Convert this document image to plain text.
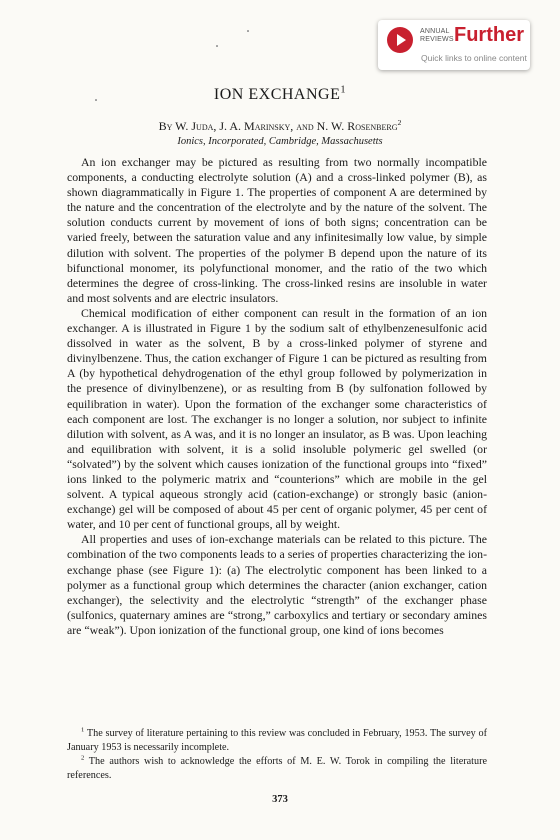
ANNUAL
REVIEWS Further
Quick links to online content
ION EXCHANGE$^1$
By W. Juda, J. A. Marinsky, and N. W. Rosenberg$^2$
Ionics, Incorporated, Cambridge, Massachusetts

An ion exchanger may be pictured as resulting from two normally incompatible components, a conducting electrolyte solution (A) and a cross-linked polymer (B), as shown diagrammatically in Figure 1. The properties of component A are determined by the nature and the concentration of the electrolyte and by the nature of the solvent. The solution conducts current by movement of ions of both signs; concentration can be varied freely, between the saturation value and any infinitesimally low value, by simple dilution with solvent. The properties of the polymer B depend upon the nature of its bifunctional monomer, its polyfunctional monomer, and the ratio of the two which determines the degree of cross-linking. The cross-linked resins are insoluble in water and most solvents and are electric insulators.

Chemical modification of either component can result in the formation of an ion exchanger. A is illustrated in Figure 1 by the sodium salt of ethylbenzenesulfonic acid dissolved in water as the solvent, B by a cross-linked polymer of styrene and divinylbenzene. Thus, the cation exchanger of Figure 1 can be pictured as resulting from A (by hypothetical dehydrogenation of the ethyl group followed by polymerization in the presence of divinylbenzene), or as resulting from B (by sulfonation followed by equilibration in water). Upon the formation of the exchanger some characteristics of each component are lost. The exchanger is no longer a solution, nor subject to infinite dilution with solvent, as A was, and it is no longer an insulator, as B was. Upon leaching and equilibration with solvent, it is a solid insoluble polymeric gel swelled (or “solvated”) by the solvent which causes ionization of the functional groups into “fixed” ions linked to the polymeric matrix and “counterions” which are mobile in the gel solvent. A typical aqueous strongly acid (cation-exchange) or strongly basic (anion-exchange) gel will be composed of about 45 per cent of organic polymer, 45 per cent of water, and 10 per cent of functional groups, all by weight.

All properties and uses of ion-exchange materials can be related to this picture. The combination of the two components leads to a series of properties characterizing the ion-exchange phase (see Figure 1): (a) The electrolytic component has been linked to a polymer as a functional group which determines the character (anion exchanger, cation exchanger), the selectivity and the electrolytic “strength” of the exchanger phase (sulfonics, quaternary amines are “strong,” carboxylics and tertiary or secondary amines are “weak”). Upon ionization of the functional group, one kind of ions becomes

$^1$ The survey of literature pertaining to this review was concluded in February, 1953. The survey of January 1953 is necessarily incomplete.

$^2$ The authors wish to acknowledge the efforts of M. E. W. Torok in compiling the literature references.

373
